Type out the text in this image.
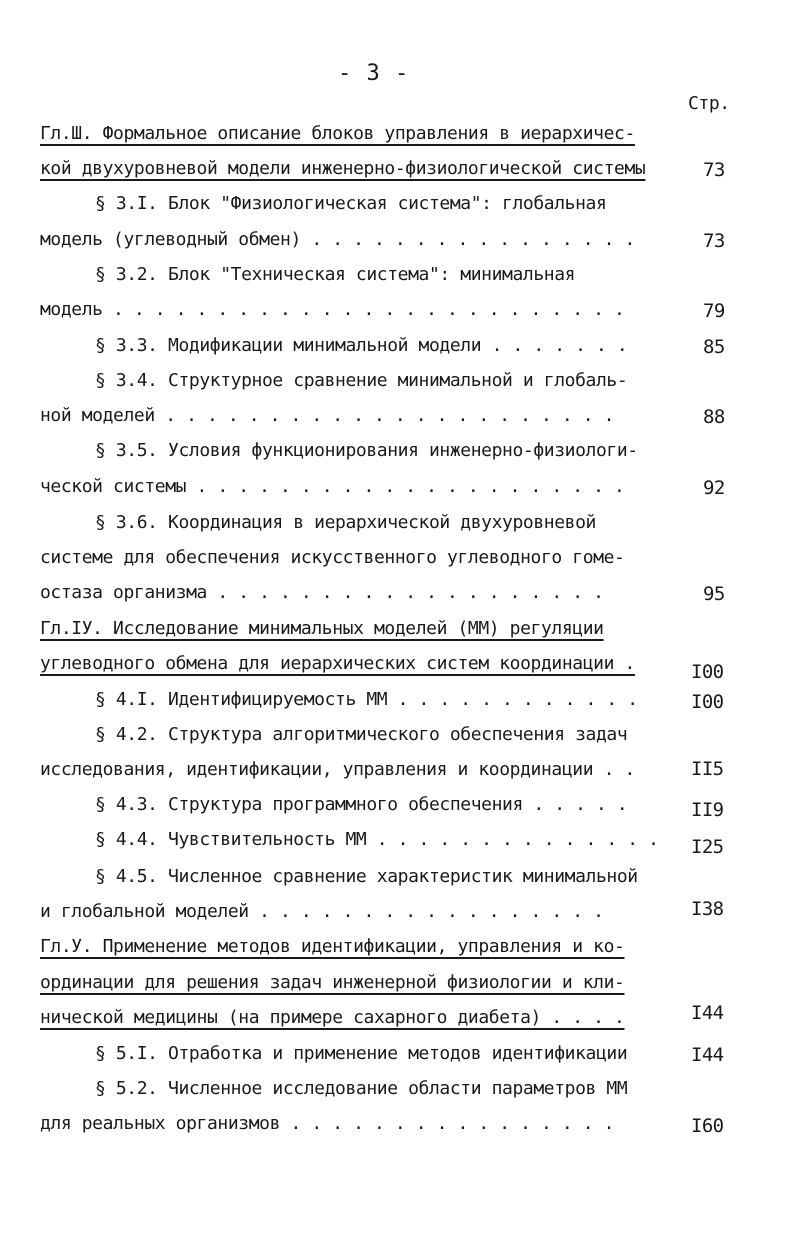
- 3 -
Стр.
Гл.Ш. Формальное описание блоков управления в иерархичес-
кой двухуровневой модели инженерно-физиологической системы	73
§ 3.I. Блок "Физиологическая система": глобальная
модель (углеводный обмен) . . . . . . . . . . . . . . . .	73
§ 3.2. Блок "Техническая система": минимальная
модель . . . . . . . . . . . . . . . . . . . . . . . . .	79
§ 3.3. Модификации минимальной модели . . . . . . .	85
§ 3.4. Структурное сравнение минимальной и глобаль-
ной моделей . . . . . . . . . . . . . . . . . . . . . .	88
§ 3.5. Условия функционирования инженерно-физиологи-
ческой системы . . . . . . . . . . . . . . . . . . . . .	92
§ 3.6. Координация в иерархической двухуровневой
системе для обеспечения искусственного углеводного гоме-
остаза организма . . . . . . . . . . . . . . . . . . .	95
Гл.IУ. Исследование минимальных моделей (ММ) регуляции
углеводного обмена для иерархических систем координации .	I00
§ 4.I. Идентифицируемость ММ . . . . . . . . . . . .	I00
§ 4.2. Структура алгоритмического обеспечения задач
исследования, идентификации, управления и координации . .	II5
§ 4.3. Структура программного обеспечения . . . . .	II9
§ 4.4. Чувствительность ММ . . . . . . . . . . . . . . I25
§ 4.5. Численное сравнение характеристик минимальной
и глобальной моделей . . . . . . . . . . . . . . . . .	I38
Гл.У. Применение методов идентификации, управления и ко-
ординации для решения задач инженерной физиологии и кли-
нической медицины (на примере сахарного диабета) . . . .	I44
§ 5.I. Отработка и применение методов идентификации	I44
§ 5.2. Численное исследование области параметров ММ
для реальных организмов . . . . . . . . . . . . . . . .	I60
